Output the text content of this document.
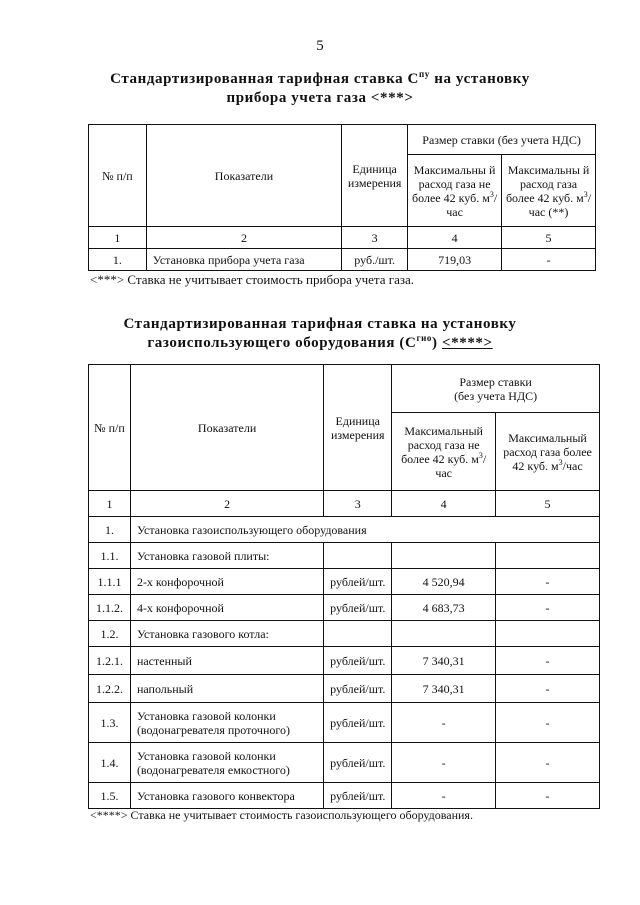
5
Стандартизированная тарифная ставка $С^{пу}$ на установку
прибора учета газа <***>
№ п/п	Показатели	Единица измерения	Размер ставки (без учета НДС)	
			Максимальны й расход газа не более 42 куб. $м^3$/час	Максимальны й расход газа более 42 куб. $м^3$/час (**)
1	2	3	4	5
1.	Установка прибора учета газа	руб./шт.	719,03	-
<***> Ставка не учитывает стоимость прибора учета газа.
Стандартизированная тарифная ставка на установку
газоиспользующего оборудования $(С^{гио})$ <****>
№ п/п	Показатели	Единица измерения	Размер ставки
(без учета НДС)	

			Максимальный расход газа не более 42 куб. $м^3$/час	Максимальный расход газа более 42 куб. $м^3$/час
1	2	3	4	5
1.	Установка газоиспользующего оборудования			
1.1.	Установка газовой плиты:			
1.1.1	2-х конфорочной	рублей/шт.	4 520,94	-
1.1.2.	4-х конфорочной	рублей/шт.	4 683,73	-
1.2.	Установка газового котла:			
1.2.1.	настенный	рублей/шт.	7 340,31	-
1.2.2.	напольный	рублей/шт.	7 340,31	-
1.3.	Установка газовой колонки (водонагревателя проточного)	рублей/шт.	-	-
1.4.	Установка газовой колонки (водонагревателя емкостного)	рублей/шт.	-	-
1.5.	Установка газового конвектора	рублей/шт.	-	-
<****> Ставка не учитывает стоимость газоиспользующего оборудования.
